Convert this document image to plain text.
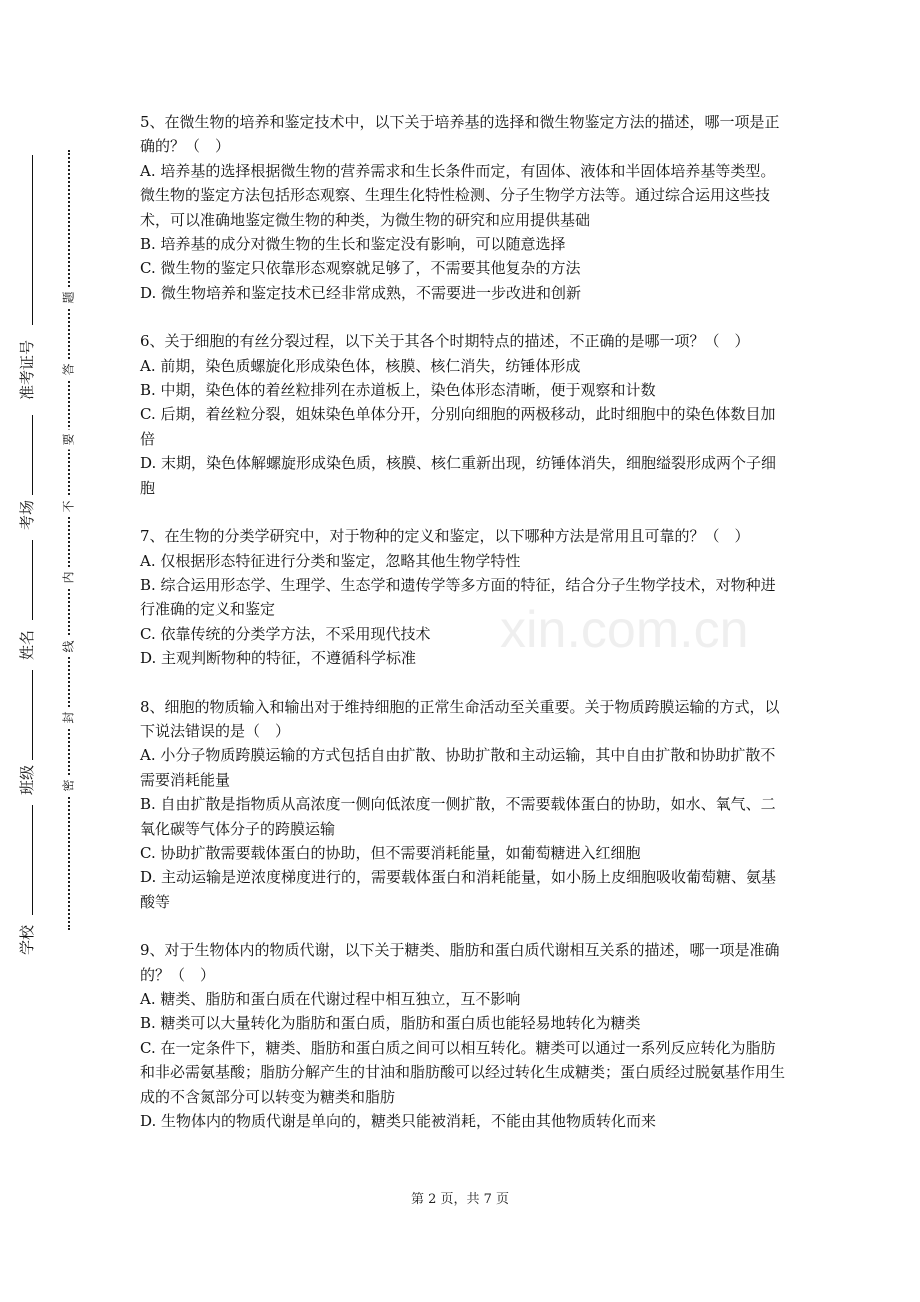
准考证号
考场
姓名
班级
学校
题
答
要
不
内
线
封
密
xin.com.cn

5、在微生物的培养和鉴定技术中，以下关于培养基的选择和微生物鉴定方法的描述，哪一项是正确的？（　）

A. 培养基的选择根据微生物的营养需求和生长条件而定，有固体、液体和半固体培养基等类型。微生物的鉴定方法包括形态观察、生理生化特性检测、分子生物学方法等。通过综合运用这些技术，可以准确地鉴定微生物的种类，为微生物的研究和应用提供基础

B. 培养基的成分对微生物的生长和鉴定没有影响，可以随意选择

C. 微生物的鉴定只依靠形态观察就足够了，不需要其他复杂的方法

D. 微生物培养和鉴定技术已经非常成熟，不需要进一步改进和创新

6、关于细胞的有丝分裂过程，以下关于其各个时期特点的描述，不正确的是哪一项？（　）

A. 前期，染色质螺旋化形成染色体，核膜、核仁消失，纺锤体形成

B. 中期，染色体的着丝粒排列在赤道板上，染色体形态清晰，便于观察和计数

C. 后期，着丝粒分裂，姐妹染色单体分开，分别向细胞的两极移动，此时细胞中的染色体数目加倍

D. 末期，染色体解螺旋形成染色质，核膜、核仁重新出现，纺锤体消失，细胞缢裂形成两个子细胞

7、在生物的分类学研究中，对于物种的定义和鉴定，以下哪种方法是常用且可靠的？（　）

A. 仅根据形态特征进行分类和鉴定，忽略其他生物学特性

B. 综合运用形态学、生理学、生态学和遗传学等多方面的特征，结合分子生物学技术，对物种进行准确的定义和鉴定

C. 依靠传统的分类学方法，不采用现代技术

D. 主观判断物种的特征，不遵循科学标准

8、细胞的物质输入和输出对于维持细胞的正常生命活动至关重要。关于物质跨膜运输的方式，以下说法错误的是（　）

A. 小分子物质跨膜运输的方式包括自由扩散、协助扩散和主动运输，其中自由扩散和协助扩散不需要消耗能量

B. 自由扩散是指物质从高浓度一侧向低浓度一侧扩散，不需要载体蛋白的协助，如水、氧气、二氧化碳等气体分子的跨膜运输

C. 协助扩散需要载体蛋白的协助，但不需要消耗能量，如葡萄糖进入红细胞

D. 主动运输是逆浓度梯度进行的，需要载体蛋白和消耗能量，如小肠上皮细胞吸收葡萄糖、氨基酸等

9、对于生物体内的物质代谢，以下关于糖类、脂肪和蛋白质代谢相互关系的描述，哪一项是准确的？（　）

A. 糖类、脂肪和蛋白质在代谢过程中相互独立，互不影响

B. 糖类可以大量转化为脂肪和蛋白质，脂肪和蛋白质也能轻易地转化为糖类

C. 在一定条件下，糖类、脂肪和蛋白质之间可以相互转化。糖类可以通过一系列反应转化为脂肪和非必需氨基酸；脂肪分解产生的甘油和脂肪酸可以经过转化生成糖类；蛋白质经过脱氨基作用生成的不含氮部分可以转变为糖类和脂肪

D. 生物体内的物质代谢是单向的，糖类只能被消耗，不能由其他物质转化而来

第 2 页，共 7 页
